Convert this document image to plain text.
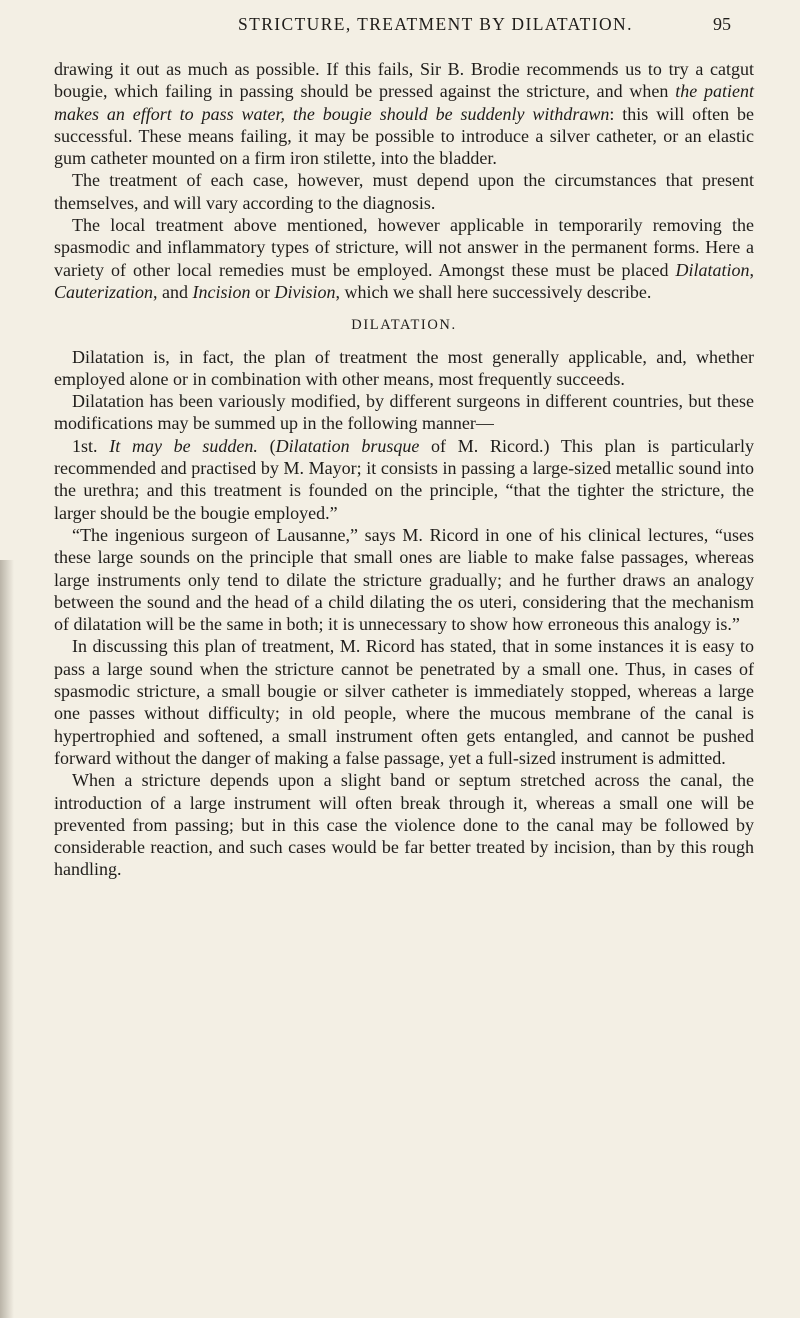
STRICTURE, TREATMENT BY DILATATION.	95

drawing it out as much as possible. If this fails, Sir B. Brodie recommends us to try a catgut bougie, which failing in passing should be pressed against the stricture, and when the patient makes an effort to pass water, the bougie should be suddenly withdrawn: this will often be successful. These means failing, it may be possible to introduce a silver catheter, or an elastic gum catheter mounted on a firm iron stilette, into the bladder.

The treatment of each case, however, must depend upon the circumstances that present themselves, and will vary according to the diagnosis.

The local treatment above mentioned, however applicable in temporarily removing the spasmodic and inflammatory types of stricture, will not answer in the permanent forms. Here a variety of other local remedies must be employed. Amongst these must be placed Dilatation, Cauterization, and Incision or Division, which we shall here successively describe.

DILATATION.

Dilatation is, in fact, the plan of treatment the most generally applicable, and, whether employed alone or in combination with other means, most frequently succeeds.

Dilatation has been variously modified, by different surgeons in different countries, but these modifications may be summed up in the following manner—

1st. It may be sudden. (Dilatation brusque of M. Ricord.) This plan is particularly recommended and practised by M. Mayor; it consists in passing a large-sized metallic sound into the urethra; and this treatment is founded on the principle, “that the tighter the stricture, the larger should be the bougie employed.”

“The ingenious surgeon of Lausanne,” says M. Ricord in one of his clinical lectures, “uses these large sounds on the principle that small ones are liable to make false passages, whereas large instruments only tend to dilate the stricture gradually; and he further draws an analogy between the sound and the head of a child dilating the os uteri, considering that the mechanism of dilatation will be the same in both; it is unnecessary to show how erroneous this analogy is.”

In discussing this plan of treatment, M. Ricord has stated, that in some instances it is easy to pass a large sound when the stricture cannot be penetrated by a small one. Thus, in cases of spasmodic stricture, a small bougie or silver catheter is immediately stopped, whereas a large one passes without difficulty; in old people, where the mucous membrane of the canal is hypertrophied and softened, a small instrument often gets entangled, and cannot be pushed forward without the danger of making a false passage, yet a full-sized instrument is admitted.

When a stricture depends upon a slight band or septum stretched across the canal, the introduction of a large instrument will often break through it, whereas a small one will be prevented from passing; but in this case the violence done to the canal may be followed by considerable reaction, and such cases would be far better treated by incision, than by this rough handling.
